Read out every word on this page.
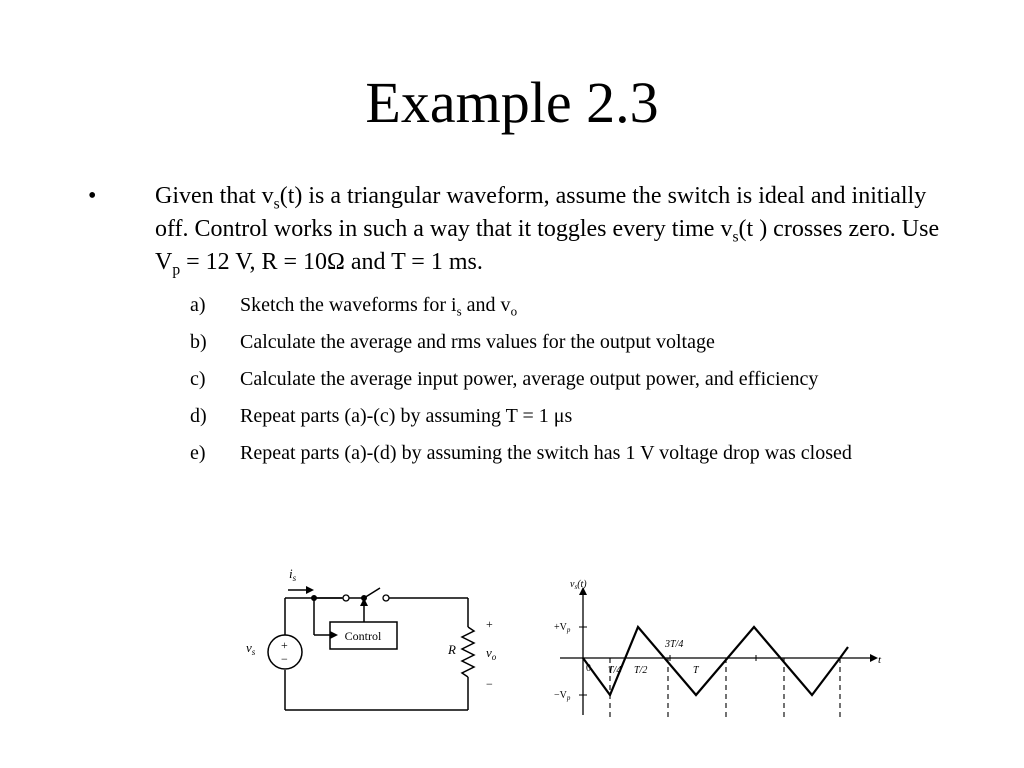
Example 2.3
• Given that $v_s(t)$ is a triangular waveform, assume the switch is ideal and initially off. Control works in such a way that it toggles every time $v_s(t$ ) crosses zero. Use $V_p = 12$ V, R = 10Ω and T = 1 ms.
a) Sketch the waveforms for $i_s$ and $v_o$
b) Calculate the average and rms values for the output voltage
c) Calculate the average input power, average output power, and efficiency
d) Repeat parts (a)-(c) by assuming T = 1 μs
e) Repeat parts (a)-(d) by assuming the switch has 1 V voltage drop was closed
$i_s$
$v_s$ +
−
Control
R
+
$v_o$
−
$v_s(t)$
t
0
$+V_p$
$-V_p$
T/4 T/2
3T/4
T
